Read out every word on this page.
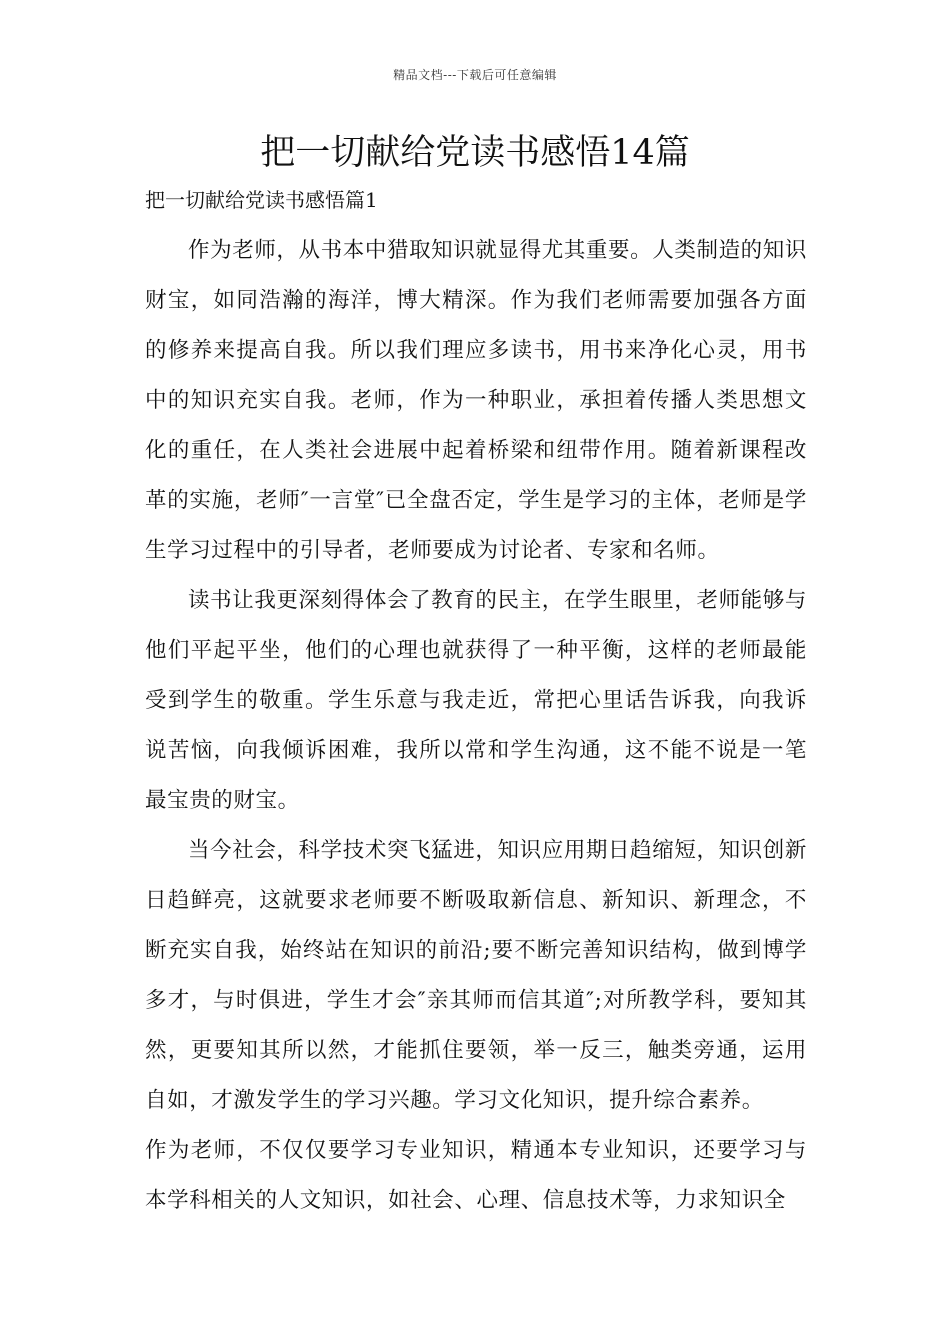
精品文档---下载后可任意编辑
把一切献给党读书感悟14篇
把一切献给党读书感悟篇1

作为老师，从书本中猎取知识就显得尤其重要。人类制造的知识财宝，如同浩瀚的海洋，博大精深。作为我们老师需要加强各方面的修养来提高自我。所以我们理应多读书，用书来净化心灵，用书中的知识充实自我。老师，作为一种职业，承担着传播人类思想文化的重任，在人类社会进展中起着桥梁和纽带作用。随着新课程改革的实施，老师″一言堂″已全盘否定，学生是学习的主体，老师是学生学习过程中的引导者，老师要成为讨论者、专家和名师。

读书让我更深刻得体会了教育的民主，在学生眼里，老师能够与他们平起平坐，他们的心理也就获得了一种平衡，这样的老师最能受到学生的敬重。学生乐意与我走近，常把心里话告诉我，向我诉说苦恼，向我倾诉困难，我所以常和学生沟通，这不能不说是一笔最宝贵的财宝。

当今社会，科学技术突飞猛进，知识应用期日趋缩短，知识创新日趋鲜亮，这就要求老师要不断吸取新信息、新知识、新理念，不断充实自我，始终站在知识的前沿;要不断完善知识结构，做到博学多才，与时俱进，学生才会″亲其师而信其道″;对所教学科，要知其然，更要知其所以然，才能抓住要领，举一反三，触类旁通，运用自如，才激发学生的学习兴趣。学习文化知识，提升综合素养。

作为老师，不仅仅要学习专业知识，精通本专业知识，还要学习与本学科相关的人文知识，如社会、心理、信息技术等，力求知识全
